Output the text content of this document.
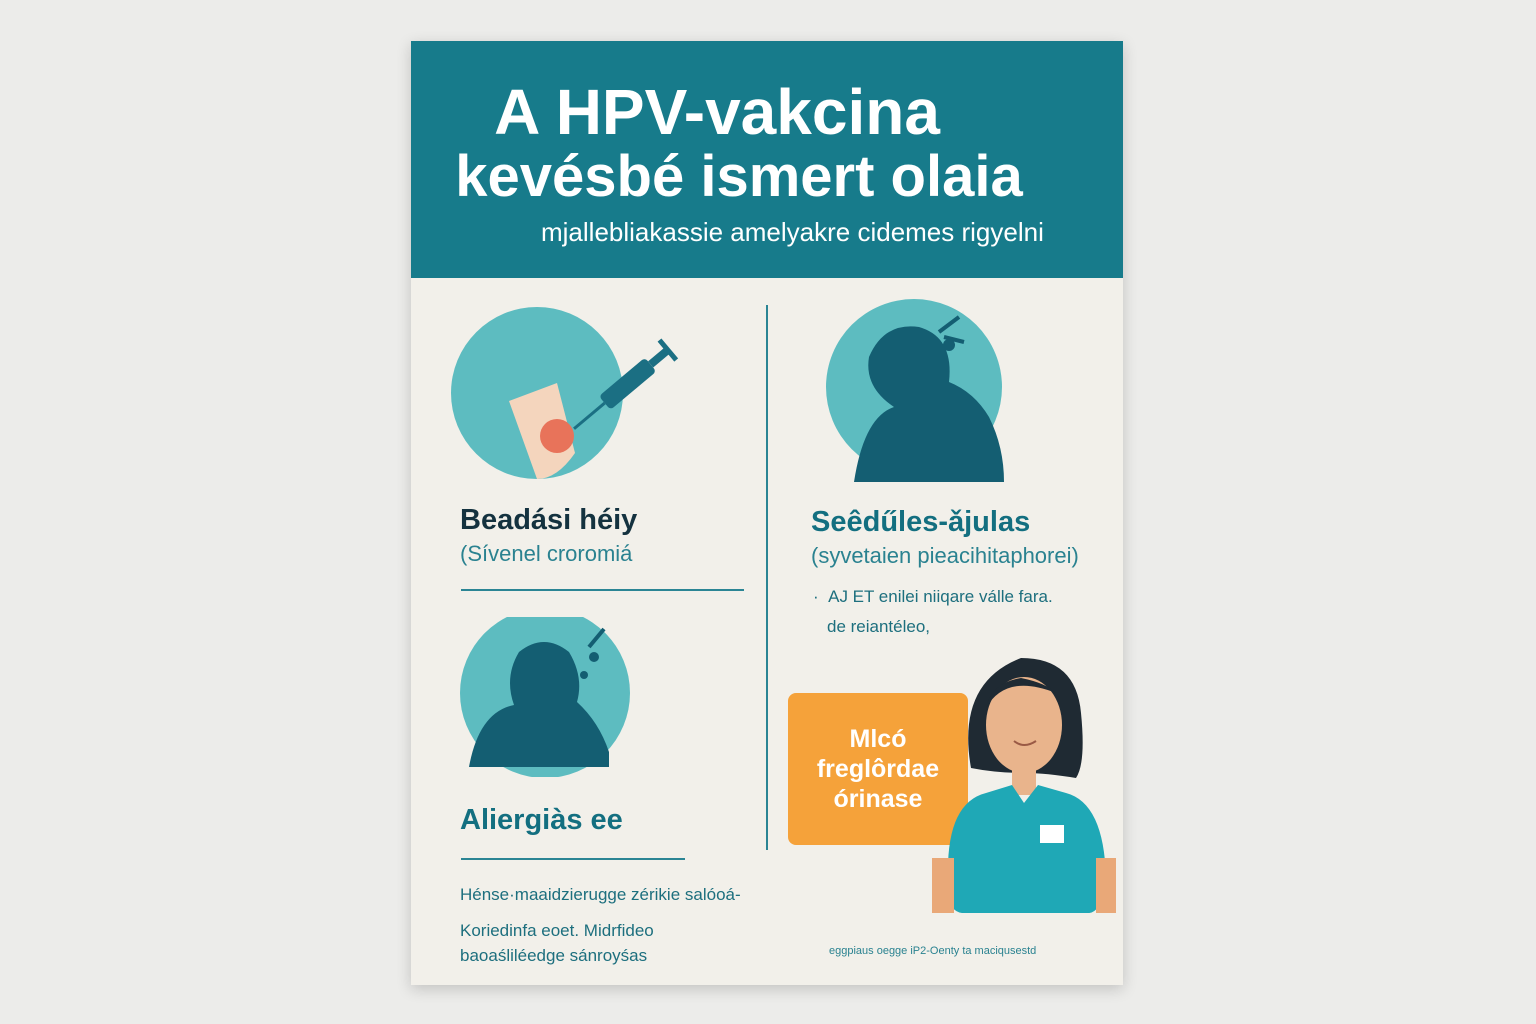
A HPV-vakcina
kevésbé ismert olaia
mjallebliakassie amelyakre cidemes rigyelni
Beadási héiy
(Sívenel croromiá
Seêdűles-ǎjulas
(syvetaien pieacihitaphorei)
·  AJ ET enilei niiqare válle fara.
de reiantéleo,
Aliergiàs ee
Hénse·maaidzierugge zérikie salóoá-
Koriedinfa eoet. Midrfideo
baoaśliléedge sánroyśas
Mlcó
freglôrdae
órinase
eggpiaus oegge iP2-Oenty ta maciqusestd
